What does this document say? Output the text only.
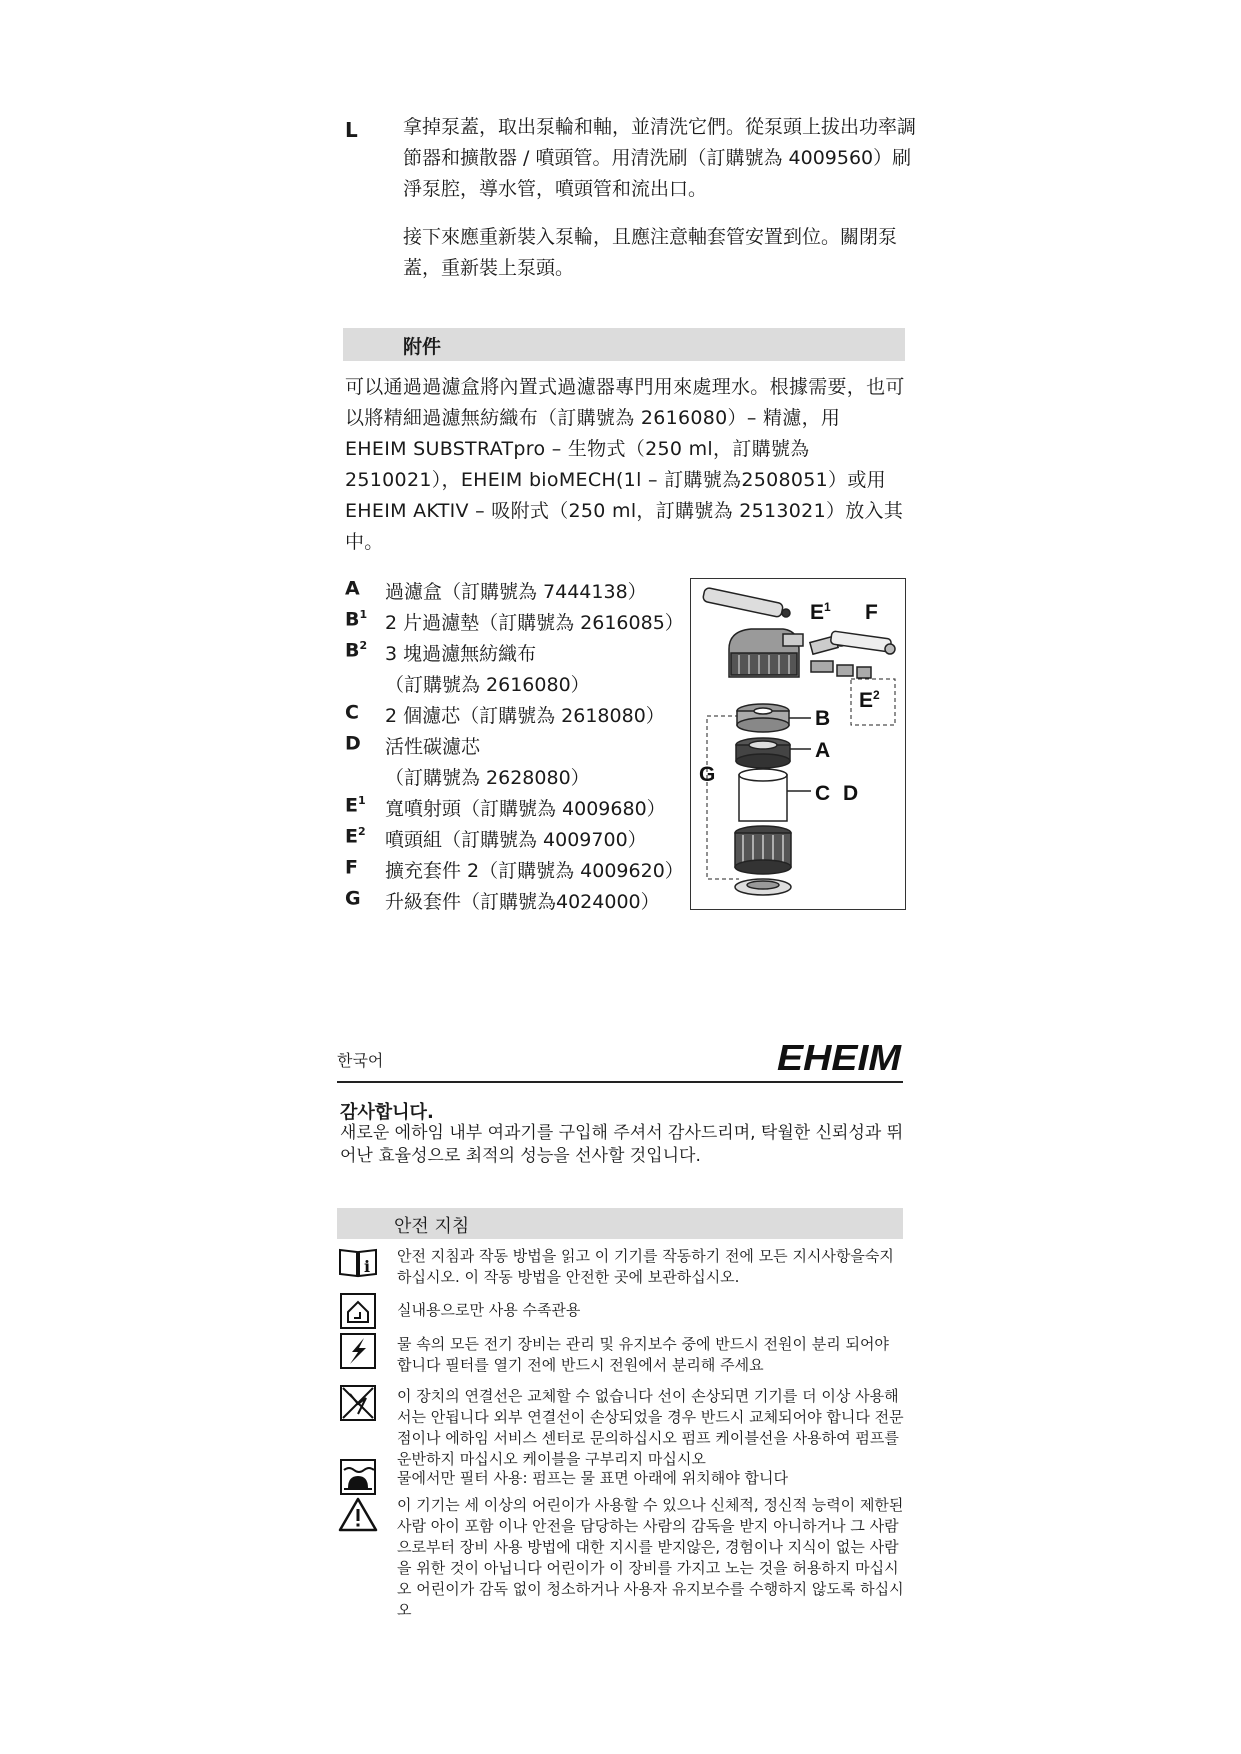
L 拿掉泵蓋，取出泵輪和軸，並清洗它們。從泵頭上拔出功率調節器和擴散器 / 噴頭管。用清洗刷（訂購號為 4009560）刷淨泵腔，導水管，噴頭管和流出口。
接下來應重新裝入泵輪，且應注意軸套管安置到位。關閉泵蓋，重新裝上泵頭。
附件
可以通過過濾盒將內置式過濾器專門用來處理水。根據需要，也可以將精細過濾無紡織布（訂購號為 2616080）– 精濾，用 EHEIM SUBSTRATpro – 生物式（250 ml，訂購號為 2510021），EHEIM bioMECH(1l – 訂購號為2508051）或用 EHEIM AKTIV – 吸附式（250 ml，訂購號為 2513021）放入其中。
A	過濾盒（訂購號為 7444138）
$B^1$ 2 片過濾墊（訂購號為 2616085）
$B^2$ 3 塊過濾無紡織布
（訂購號為 2616080）
C	2 個濾芯（訂購號為 2618080）
D	活性碳濾芯
（訂購號為 2628080）
$E^1$	寬噴射頭（訂購號為 4009680）
$E^2$	噴頭組（訂購號為 4009700）
F	擴充套件 2（訂購號為 4009620）
G	升級套件（訂購號為4024000）
$E^1$ F
B
$E^2$
A
G
C D
한국어	EHEIM
감사합니다.
새로운 에하임 내부 여과기를 구입해 주셔서 감사드리며, 탁월한 신뢰성과 뛰어난 효율성으로 최적의 성능을 선사할 것입니다.
안전 지침
i
안전 지침과 작동 방법을 읽고 이 기기를 작동하기 전에 모든 지시사항을숙지 하십시오. 이 작동 방법을 안전한 곳에 보관하십시오.
실내용으로만 사용 수족관용
물 속의 모든 전기 장비는 관리 및 유지보수 중에 반드시 전원이 분리 되어야 합니다 필터를 열기 전에 반드시 전원에서 분리해 주세요
이 장치의 연결선은 교체할 수 없습니다 선이 손상되면 기기를 더 이상 사용해서는 안됩니다 외부 연결선이 손상되었을 경우 반드시 교체되어야 합니다 전문점이나 에하임 서비스 센터로 문의하십시오 펌프 케이블선을 사용하여 펌프를 운반하지 마십시오 케이블을 구부리지 마십시오
물에서만 필터 사용: 펌프는 물 표면 아래에 위치해야 합니다
이 기기는 세 이상의 어린이가 사용할 수 있으나 신체적, 정신적 능력이 제한된 사람 아이 포함 이나 안전을 담당하는 사람의 감독을 받지 아니하거나 그 사람으로부터 장비 사용 방법에 대한 지시를 받지않은, 경험이나 지식이 없는 사람을 위한 것이 아닙니다 어린이가 이 장비를 가지고 노는 것을 허용하지 마십시오 어린이가 감독 없이 청소하거나 사용자 유지보수를 수행하지 않도록 하십시오
